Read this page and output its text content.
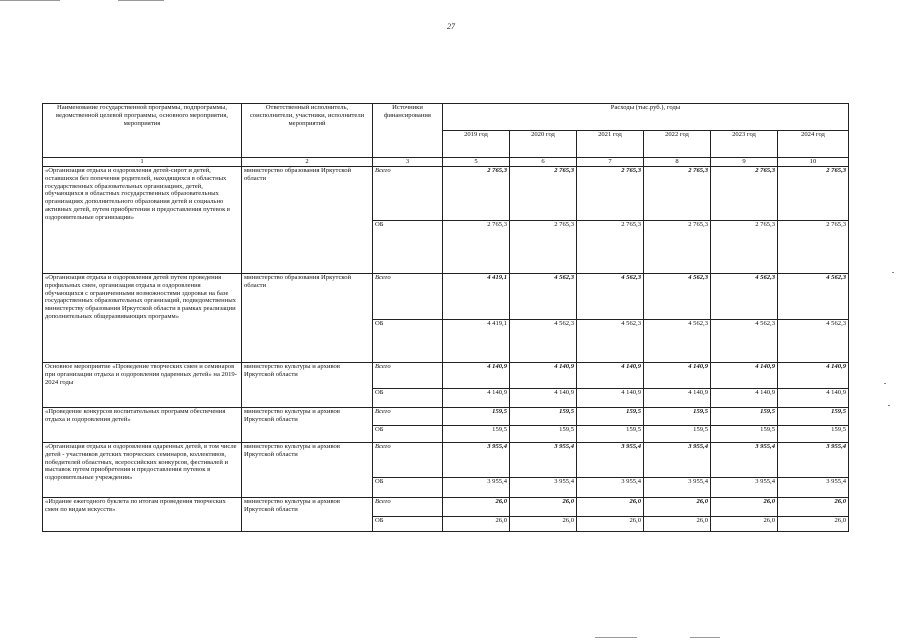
27
Наименование государственной программы, подпрограммы, ведомственной целевой программы, основного мероприятия, мероприятия	Ответственный исполнитель, соисполнители, участники, исполнители мероприятий	Источники финансирования	Расходы (тыс.руб.), годы					
			2019 год	2020 год	2021 год	2022 год	2023 год	2024 год
1	2	3	5	6	7	8	9	10
«Организация отдыха и оздоровления детей-сирот и детей, оставшихся без попечения родителей, находящихся в областных государственных образовательных организациях, детей, обучающихся в областных государственных образовательных организациях дополнительного образования детей и социально активных детей, путем приобретения и предоставления путевок в оздоровительные организации»	министерство образования Иркутской области	Всего	2 765,3	2 765,3	2 765,3	2 765,3	2 765,3	2 765,3
		ОБ	2 765,3	2 765,3	2 765,3	2 765,3	2 765,3	2 765,3
«Организация отдыха и оздоровления детей путем проведения профильных смен, организация отдыха и оздоровления обучающихся с ограниченными возможностями здоровья на базе государственных образовательных организаций, подведомственных министерству образования Иркутской области в рамках реализации дополнительных общеразвивающих программ»	министерство образования Иркутской области	Всего	4 419,1	4 562,3	4 562,3	4 562,3	4 562,3	4 562,3
		ОБ	4 419,1	4 562,3	4 562,3	4 562,3	4 562,3	4 562,3
Основное мероприятие «Проведение творческих смен и семинаров при организации отдыха и оздоровления одаренных детей» на 2019-2024 годы	министерство культуры и архивов Иркутской области	Всего	4 140,9	4 140,9	4 140,9	4 140,9	4 140,9	4 140,9
		ОБ	4 140,9	4 140,9	4 140,9	4 140,9	4 140,9	4 140,9
«Проведение конкурсов воспитательных программ обеспечения отдыха и оздоровления детей»	министерство культуры и архивов Иркутской области	Всего	159,5	159,5	159,5	159,5	159,5	159,5
		ОБ	159,5	159,5	159,5	159,5	159,5	159,5
«Организация отдыха и оздоровления одаренных детей, в том числе детей - участников детских творческих семинаров, коллективов, победителей областных, всероссийских конкурсов, фестивалей и выставок путем приобретения и предоставления путевок в оздоровительные учреждения»	министерство культуры и архивов Иркутской области	Всего	3 955,4	3 955,4	3 955,4	3 955,4	3 955,4	3 955,4
		ОБ	3 955,4	3 955,4	3 955,4	3 955,4	3 955,4	3 955,4
«Издание ежегодного буклета по итогам проведения творческих смен по видам искусств»	министерство культуры и архивов Иркутской области	Всего	26,0	26,0	26,0	26,0	26,0	26,0
		ОБ	26,0	26,0	26,0	26,0	26,0	26,0
